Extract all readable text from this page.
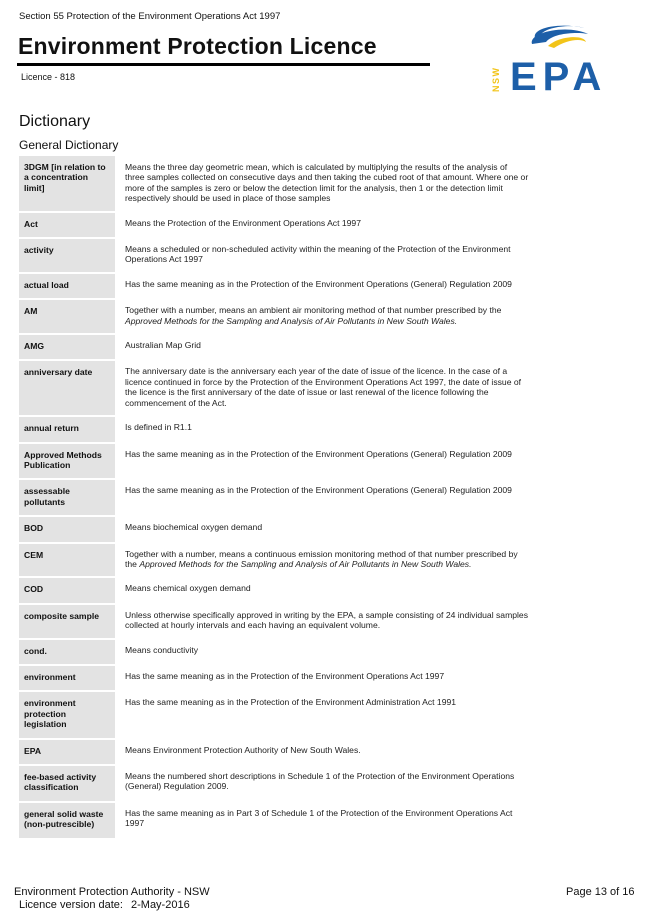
Section 55 Protection of the Environment Operations Act 1997
Environment Protection Licence
Licence - 818	NSW EPA
Dictionary
General Dictionary
3DGM [in relation to a concentration limit]	Means the three day geometric mean, which is calculated by multiplying the results of the analysis of three samples collected on consecutive days and then taking the cubed root of that amount. Where one or more of the samples is zero or below the detection limit for the analysis, then 1 or the detection limit respectively should be used in place of those samples
Act	Means the Protection of the Environment Operations Act 1997
activity	Means a scheduled or non-scheduled activity within the meaning of the Protection of the Environment Operations Act 1997
actual load	Has the same meaning as in the Protection of the Environment Operations (General) Regulation 2009
AM	Together with a number, means an ambient air monitoring method of that number prescribed by the Approved Methods for the Sampling and Analysis of Air Pollutants in New South Wales.
AMG	Australian Map Grid
anniversary date	The anniversary date is the anniversary each year of the date of issue of the licence. In the case of a licence continued in force by the Protection of the Environment Operations Act 1997, the date of issue of the licence is the first anniversary of the date of issue or last renewal of the licence following the commencement of the Act.
annual return	Is defined in R1.1
Approved Methods Publication	Has the same meaning as in the Protection of the Environment Operations (General) Regulation 2009
assessable pollutants	Has the same meaning as in the Protection of the Environment Operations (General) Regulation 2009
BOD	Means biochemical oxygen demand
CEM	Together with a number, means a continuous emission monitoring method of that number prescribed by the Approved Methods for the Sampling and Analysis of Air Pollutants in New South Wales.
COD	Means chemical oxygen demand
composite sample	Unless otherwise specifically approved in writing by the EPA, a sample consisting of 24 individual samples collected at hourly intervals and each having an equivalent volume.
cond.	Means conductivity
environment	Has the same meaning as in the Protection of the Environment Operations Act 1997
environment protection legislation	Has the same meaning as in the Protection of the Environment Administration Act 1991
EPA	Means Environment Protection Authority of New South Wales.
fee-based activity classification	Means the numbered short descriptions in Schedule 1 of the Protection of the Environment Operations (General) Regulation 2009.
general solid waste (non-putrescible)	Has the same meaning as in Part 3 of Schedule 1 of the Protection of the Environment Operations Act 1997
Environment Protection Authority - NSW
Licence version date: 2-May-2016
Page 13 of 16
